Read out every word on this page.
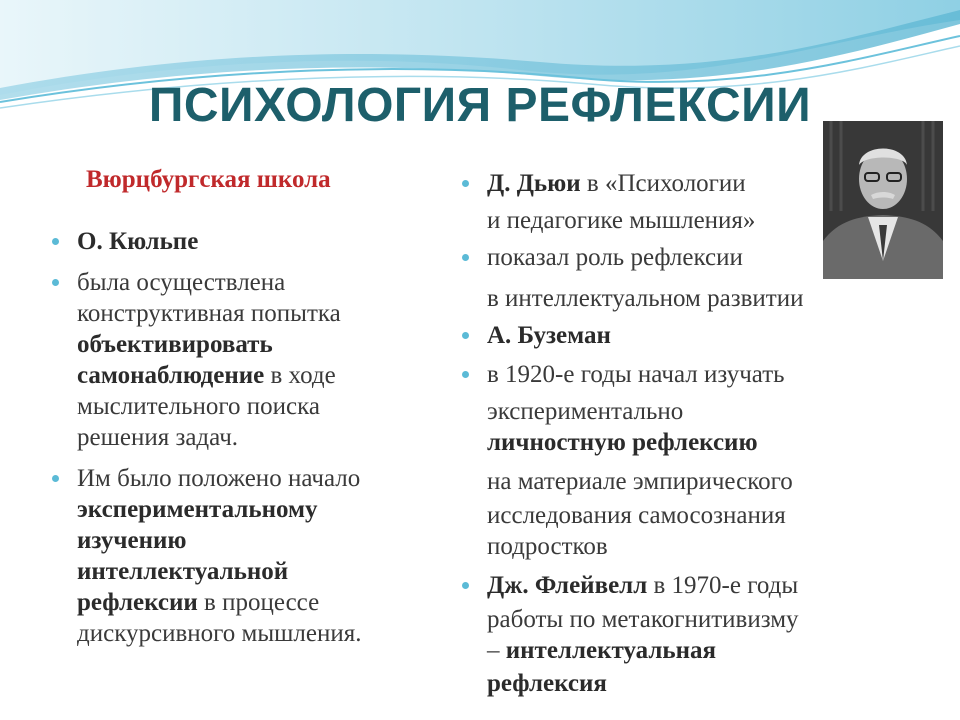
ПСИХОЛОГИЯ РЕФЛЕКСИИ
Вюрцбургская школа
О. Кюльпе
была осуществлена
конструктивная попытка
объективировать
самонаблюдение в ходе
мыслительного поиска
решения задач.
Им было положено начало
экспериментальному
изучению
интеллектуальной
рефлексии в процессе
дискурсивного мышления.
Д. Дьюи в «Психологии
и педагогике мышления»
показал роль рефлексии
в интеллектуальном развитии
А. Буземан
в 1920-е годы начал изучать
экспериментально
личностную рефлексию
на материале эмпирического
исследования самосознания
подростков
Дж. Флейвелл в 1970-е годы
работы по метакогнитивизму
– интеллектуальная
рефлексия
